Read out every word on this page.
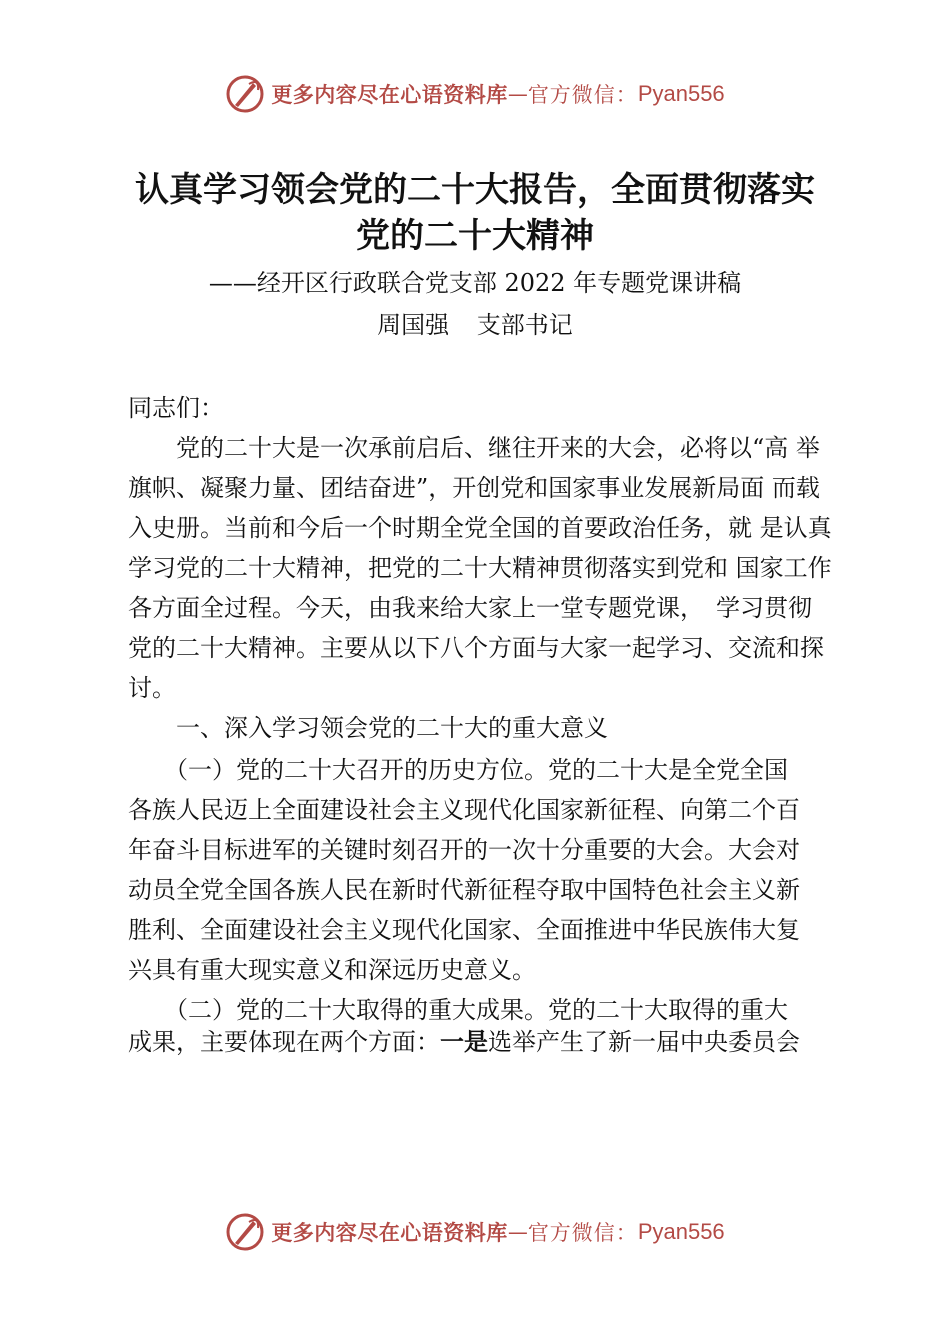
更多内容尽在心语资料库 — 官方微信： Pyan556
认真学习领会党的二十大报告，全面贯彻落实
党的二十大精神
——经开区行政联合党支部 2022 年专题党课讲稿
周国强 支部书记
同志们：
　　党的二十大是一次承前启后、继往开来的大会，必将以“高 举
旗帜、凝聚力量、团结奋进”，开创党和国家事业发展新局面 而载
入史册。当前和今后一个时期全党全国的首要政治任务，就 是认真
学习党的二十大精神，把党的二十大精神贯彻落实到党和 国家工作
各方面全过程。今天，由我来给大家上一堂专题党课，　学习贯彻
党的二十大精神。主要从以下八个方面与大家一起学习、交流和探
讨。
　　一、深入学习领会党的二十大的重大意义
　　（一）党的二十大召开的历史方位。党的二十大是全党全国
各族人民迈上全面建设社会主义现代化国家新征程、向第二个百
年奋斗目标进军的关键时刻召开的一次十分重要的大会。大会对
动员全党全国各族人民在新时代新征程夺取中国特色社会主义新
胜利、全面建设社会主义现代化国家、全面推进中华民族伟大复
兴具有重大现实意义和深远历史意义。
　　（二）党的二十大取得的重大成果。党的二十大取得的重大
成果，主要体现在两个方面：一是选举产生了新一届中央委员会
更多内容尽在心语资料库 — 官方微信： Pyan556
